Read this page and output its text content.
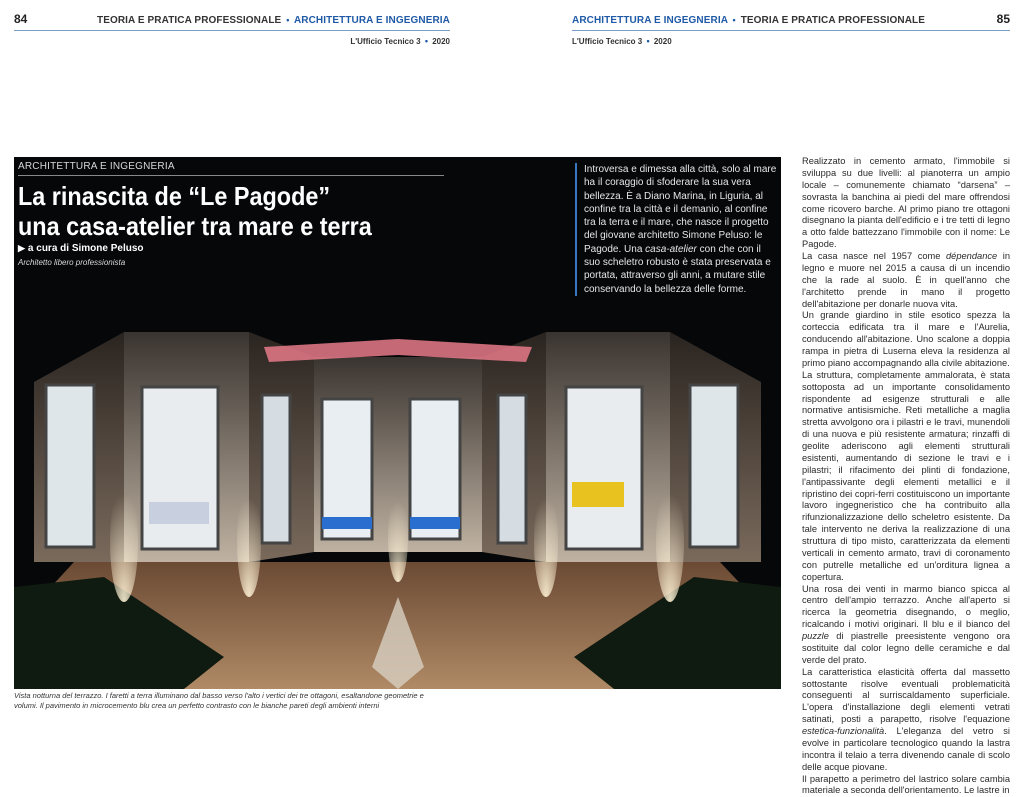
84	TEORIA E PRATICA PROFESSIONALE • ARCHITETTURA E INGEGNERIA
L'Ufficio Tecnico 3 • 2020
85
ARCHITETTURA E INGEGNERIA • TEORIA E PRATICA PROFESSIONALE
L'Ufficio Tecnico 3 • 2020
ARCHITETTURA E INGEGNERIA
La rinascita de “Le Pagode”
una casa-atelier tra mare e terra
▶ a cura di Simone Peluso
Architetto libero professionista
Introversa e dimessa alla città, solo al mare ha il coraggio di sfoderare la sua vera bellezza. È a Diano Marina, in Liguria, al confine tra la città e il demanio, al confine tra la terra e il mare, che nasce il progetto del giovane architetto Simone Peluso: le Pagode. Una casa-atelier con che con il suo scheletro robusto è stata preservata e portata, attraverso gli anni, a mutare stile conservando la bellezza delle forme.
Vista notturna del terrazzo. I faretti a terra illuminano dal basso verso l'alto i vertici dei tre ottagoni, esaltandone geometrie e volumi. Il pavimento in microcemento blu crea un perfetto contrasto con le bianche pareti degli ambienti interni

Realizzato in cemento armato, l'immobile si sviluppa su due livelli: al pianoterra un ampio locale – comunemente chiamato “darsena” – sovrasta la banchina ai piedi del mare offrendosi come ricovero barche. Al primo piano tre ottagoni disegnano la pianta dell'edificio e i tre tetti di legno a otto falde battezzano l'immobile con il nome: Le Pagode.

La casa nasce nel 1957 come dépendance in legno e muore nel 2015 a causa di un incendio che la rade al suolo. È in quell'anno che l'architetto prende in mano il progetto dell'abitazione per donarle nuova vita.

Un grande giardino in stile esotico spezza la corteccia edificata tra il mare e l'Aurelia, conducendo all'abitazione. Uno scalone a doppia rampa in pietra di Luserna eleva la residenza al primo piano accompagnando alla civile abitazione.

La struttura, completamente ammalorata, è stata sottoposta ad un importante consolidamento rispondente ad esigenze strutturali e alle normative antisismiche. Reti metalliche a maglia stretta avvolgono ora i pilastri e le travi, munendoli di una nuova e più resistente armatura; rinzaffi di geolite aderiscono agli elementi strutturali esistenti, aumentando di sezione le travi e i pilastri; il rifacimento dei plinti di fondazione, l'antipassivante degli elementi metallici e il ripristino dei copri-ferri costituiscono un importante lavoro ingegneristico che ha contribuito alla rifunzionalizzazione dello scheletro esistente. Da tale intervento ne deriva la realizzazione di una struttura di tipo misto, caratterizzata da elementi verticali in cemento armato, travi di coronamento con putrelle metalliche ed un'orditura lignea a copertura.

Una rosa dei venti in marmo bianco spicca al centro dell'ampio terrazzo. Anche all'aperto si ricerca la geometria disegnando, o meglio, ricalcando i motivi originari. Il blu e il bianco del puzzle di piastrelle preesistente vengono ora sostituite dal color legno delle ceramiche e dal verde del prato.

La caratteristica elasticità offerta dal massetto sottostante risolve eventuali problematicità conseguenti al surriscaldamento superficiale. L'opera d'installazione degli elementi vetrati satinati, posti a parapetto, risolve l'equazione estetica-funzionalità. L'eleganza del vetro si evolve in particolare tecnologico quando la lastra incontra il telaio a terra divenendo canale di scolo delle acque piovane.

Il parapetto a perimetro del lastrico solare cambia materiale a seconda dell'orientamento. Le lastre in
